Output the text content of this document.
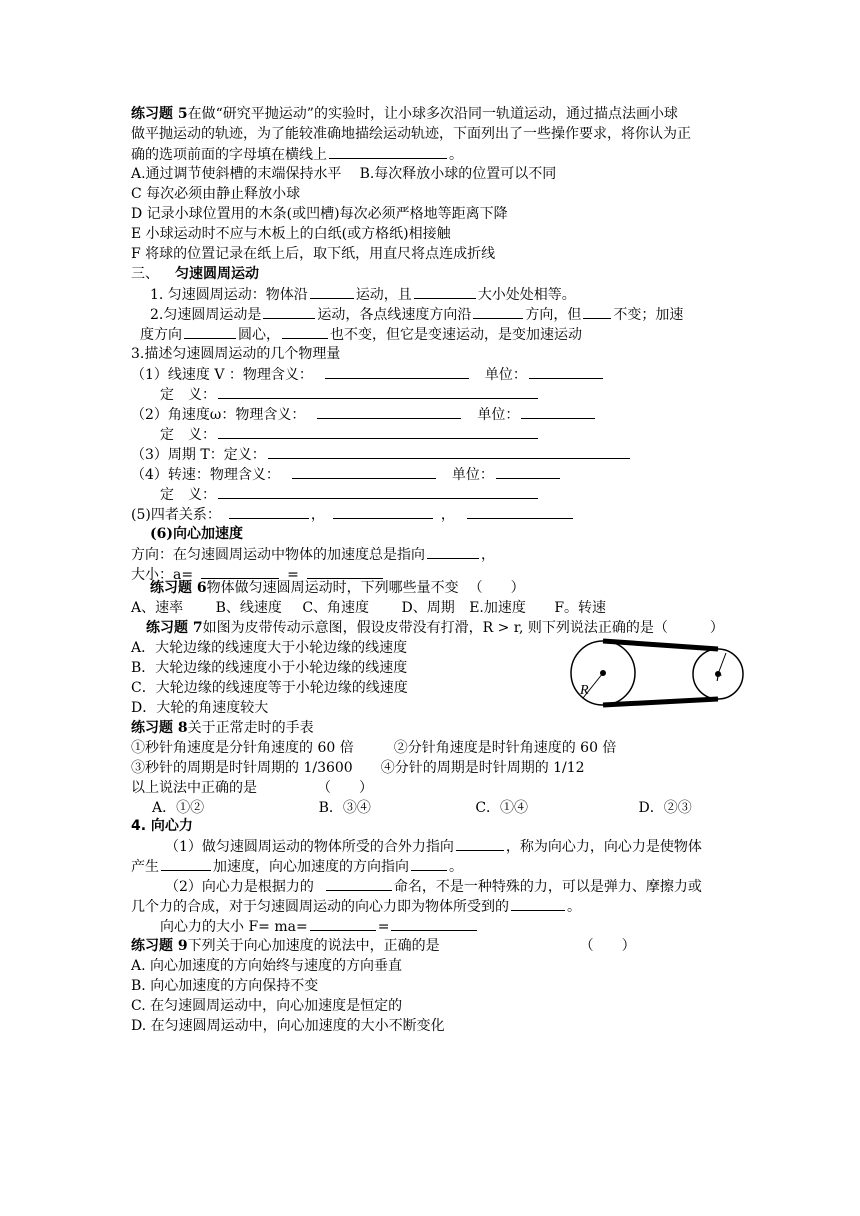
练习题 5在做“研究平抛运动”的实验时，让小球多次沿同一轨道运动，通过描点法画小球
做平抛运动的轨迹，为了能较准确地描绘运动轨迹，下面列出了一些操作要求，将你认为正
确的选项前面的字母填在横线上	。
A.通过调节使斜槽的末端保持水平 B.每次释放小球的位置可以不同
C 每次必须由静止释放小球
D 记录小球位置用的木条(或凹槽)每次必须严格地等距离下降
E 小球运动时不应与木板上的白纸(或方格纸)相接触
F 将球的位置记录在纸上后，取下纸，用直尺将点连成折线
三、 匀速圆周运动
1. 匀速圆周运动：物体沿	运动，且	大小处处相等。
2.匀速圆周运动是	运动，各点线速度方向沿	方向，但 不变；加速
度方向	圆心，	也不变，但它是变速运动，是变加速运动
3.描述匀速圆周运动的几个物理量
（1）线速度 V ：物理含义：	单位：
定　义：
（2）角速度ω：物理含义：	单位：
定　义：
（3）周期 T：定义：
（4）转速：物理含义：	单位：
定　义：
(5)四者关系：	，	，
(6)向心加速度
方向：在匀速圆周运动中物体的加速度总是指向	，
大小：a=	=
练习题 6物体做匀速圆周运动时，下列哪些量不变 （　　）
A、速率 B、线速度 C、角速度 D、周期 E.加速度 F。转速
练习题 7如图为皮带传动示意图，假设皮带没有打滑，R > r, 则下列说法正确的是（　　　）
A．大轮边缘的线速度大于小轮边缘的线速度
B．大轮边缘的线速度小于小轮边缘的线速度
C．大轮边缘的线速度等于小轮边缘的线速度
D．大轮的角速度较大
R
r
练习题 8关于正常走时的手表
①秒针角速度是分针角速度的 60 倍	②分针角速度是时针角速度的 60 倍
③秒针的周期是时针周期的 1/3600 ④分针的周期是时针周期的 1/12
以上说法中正确的是	（　　）
A．①②	B．③④	C．①④	D．②③
4. 向心力
（1）做匀速圆周运动的物体所受的合外力指向	，称为向心力，向心力是使物体
产生	加速度，向心加速度的方向指向	。
（2）向心力是根据力的	命名，不是一种特殊的力，可以是弹力、摩擦力或
几个力的合成，对于匀速圆周运动的向心力即为物体所受到的	。
向心力的大小 F= ma=	=
练习题 9下列关于向心加速度的说法中，正确的是	（　　）
A. 向心加速度的方向始终与速度的方向垂直
B. 向心加速度的方向保持不变
C. 在匀速圆周运动中，向心加速度是恒定的
D. 在匀速圆周运动中，向心加速度的大小不断变化
